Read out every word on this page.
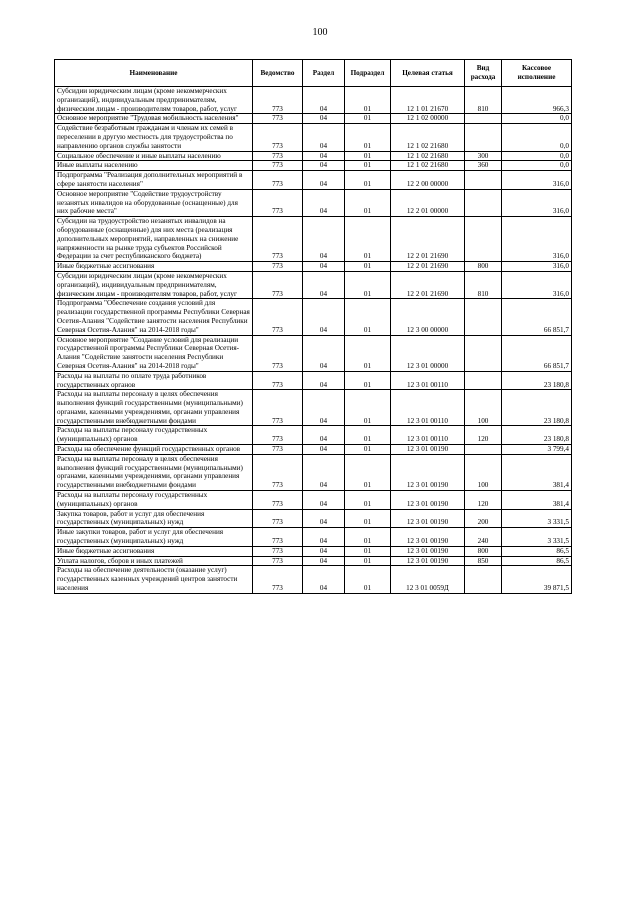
100
Наименование	Ведомство	Раздел	Подраздел	Целевая статья	Вид расхода	Кассовое исполнение
Субсидии юридическим лицам (кроме некоммерческих организаций), индивидуальным предпринимателям, физическим лицам - производителям товаров, работ, услуг	773	04	01	12 1 01 21670	810	966,3
Основное мероприятие "Трудовая мобильность населения"	773	04	01	12 1 02 00000		0,0
Содействие безработным гражданам и членам их семей в переселении в другую местность для трудоустройства по направлению органов службы занятости	773	04	01	12 1 02 21680		0,0
Социальное обеспечение и иные выплаты населению	773	04	01	12 1 02 21680	300	0,0
Иные выплаты населению	773	04	01	12 1 02 21680	360	0,0
Подпрограмма "Реализация дополнительных мероприятий в сфере занятости населения"	773	04	01	12 2 00 00000		316,0
Основное мероприятие "Содействие трудоустройству незанятых инвалидов на оборудованные (оснащенные) для них рабочие места"	773	04	01	12 2 01 00000		316,0
Субсидии на трудоустройство незанятых инвалидов на оборудованные (оснащенные) для них места (реализация дополнительных мероприятий, направленных на снижение напряженности на рынке труда субъектов Российской Федерации за счет республиканского бюджета)	773	04	01	12 2 01 21690		316,0
Иные бюджетные ассигнования	773	04	01	12 2 01 21690	800	316,0
Субсидии юридическим лицам (кроме некоммерческих организаций), индивидуальным предпринимателям, физическим лицам - производителям товаров, работ, услуг	773	04	01	12 2 01 21690	810	316,0
Подпрограмма "Обеспечение создания условий для реализации государственной программы Республики Северная Осетия-Алания "Содействие занятости населения Республики Северная Осетия-Алания" на 2014-2018 годы"	773	04	01	12 3 00 00000		66 851,7
Основное мероприятие "Создание условий для реализации государственной программы Республики Северная Осетия-Алания "Содействие занятости населения Республики Северная Осетия-Алания" на 2014-2018 годы"	773	04	01	12 3 01 00000		66 851,7
Расходы на выплаты по оплате труда работников государственных органов	773	04	01	12 3 01 00110		23 180,8
Расходы на выплаты персоналу в целях обеспечения выполнения функций государственными (муниципальными) органами, казенными учреждениями, органами управления государственными внебюджетными фондами	773	04	01	12 3 01 00110	100	23 180,8
Расходы на выплаты персоналу государственных (муниципальных) органов	773	04	01	12 3 01 00110	120	23 180,8
Расходы на обеспечение функций государственных органов	773	04	01	12 3 01 00190		3 799,4
Расходы на выплаты персоналу в целях обеспечения выполнения функций государственными (муниципальными) органами, казенными учреждениями, органами управления государственными внебюджетными фондами	773	04	01	12 3 01 00190	100	381,4
Расходы на выплаты персоналу государственных (муниципальных) органов	773	04	01	12 3 01 00190	120	381,4
Закупка товаров, работ и услуг для обеспечения государственных (муниципальных) нужд	773	04	01	12 3 01 00190	200	3 331,5
Иные закупки товаров, работ и услуг для обеспечения государственных (муниципальных) нужд	773	04	01	12 3 01 00190	240	3 331,5
Иные бюджетные ассигнования	773	04	01	12 3 01 00190	800	86,5
Уплата налогов, сборов и иных платежей	773	04	01	12 3 01 00190	850	86,5
Расходы на обеспечение деятельности (оказание услуг) государственных казенных учреждений центров занятости населения	773	04	01	12 3 01 0059Д		39 871,5
